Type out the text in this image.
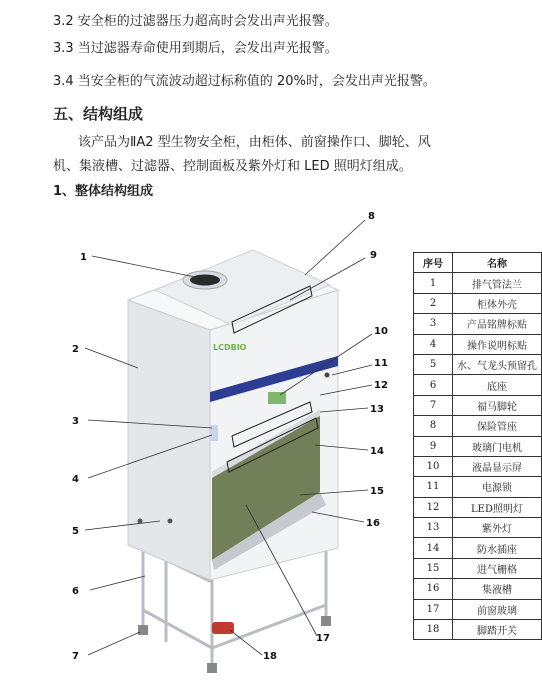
3.2 安全柜的过滤器压力超高时会发出声光报警。
3.3 当过滤器寿命使用到期后，会发出声光报警。
3.4 当安全柜的气流波动超过标称值的 20%时，会发出声光报警。
五、结构组成
该产品为ⅡA2 型生物安全柜，由柜体、前窗操作口、脚轮、风
机、集液槽、过滤器、控制面板及紫外灯和 LED 照明灯组成。
1、整体结构组成
LCDBIO
1
2
3
4
5
6
7
8
9
10
11
12
13
14
15
16
17
18
序号	名称
1	排气管法兰
2	柜体外壳
3	产品铭牌标贴
4	操作说明标贴
5	水、气龙头预留孔
6	底座
7	福马脚轮
8	保险管座
9	玻璃门电机
10	液晶显示屏
11	电源锁
12	LED照明灯
13	紫外灯
14	防水插座
15	进气栅格
16	集液槽
17	前窗玻璃
18	脚踏开关
